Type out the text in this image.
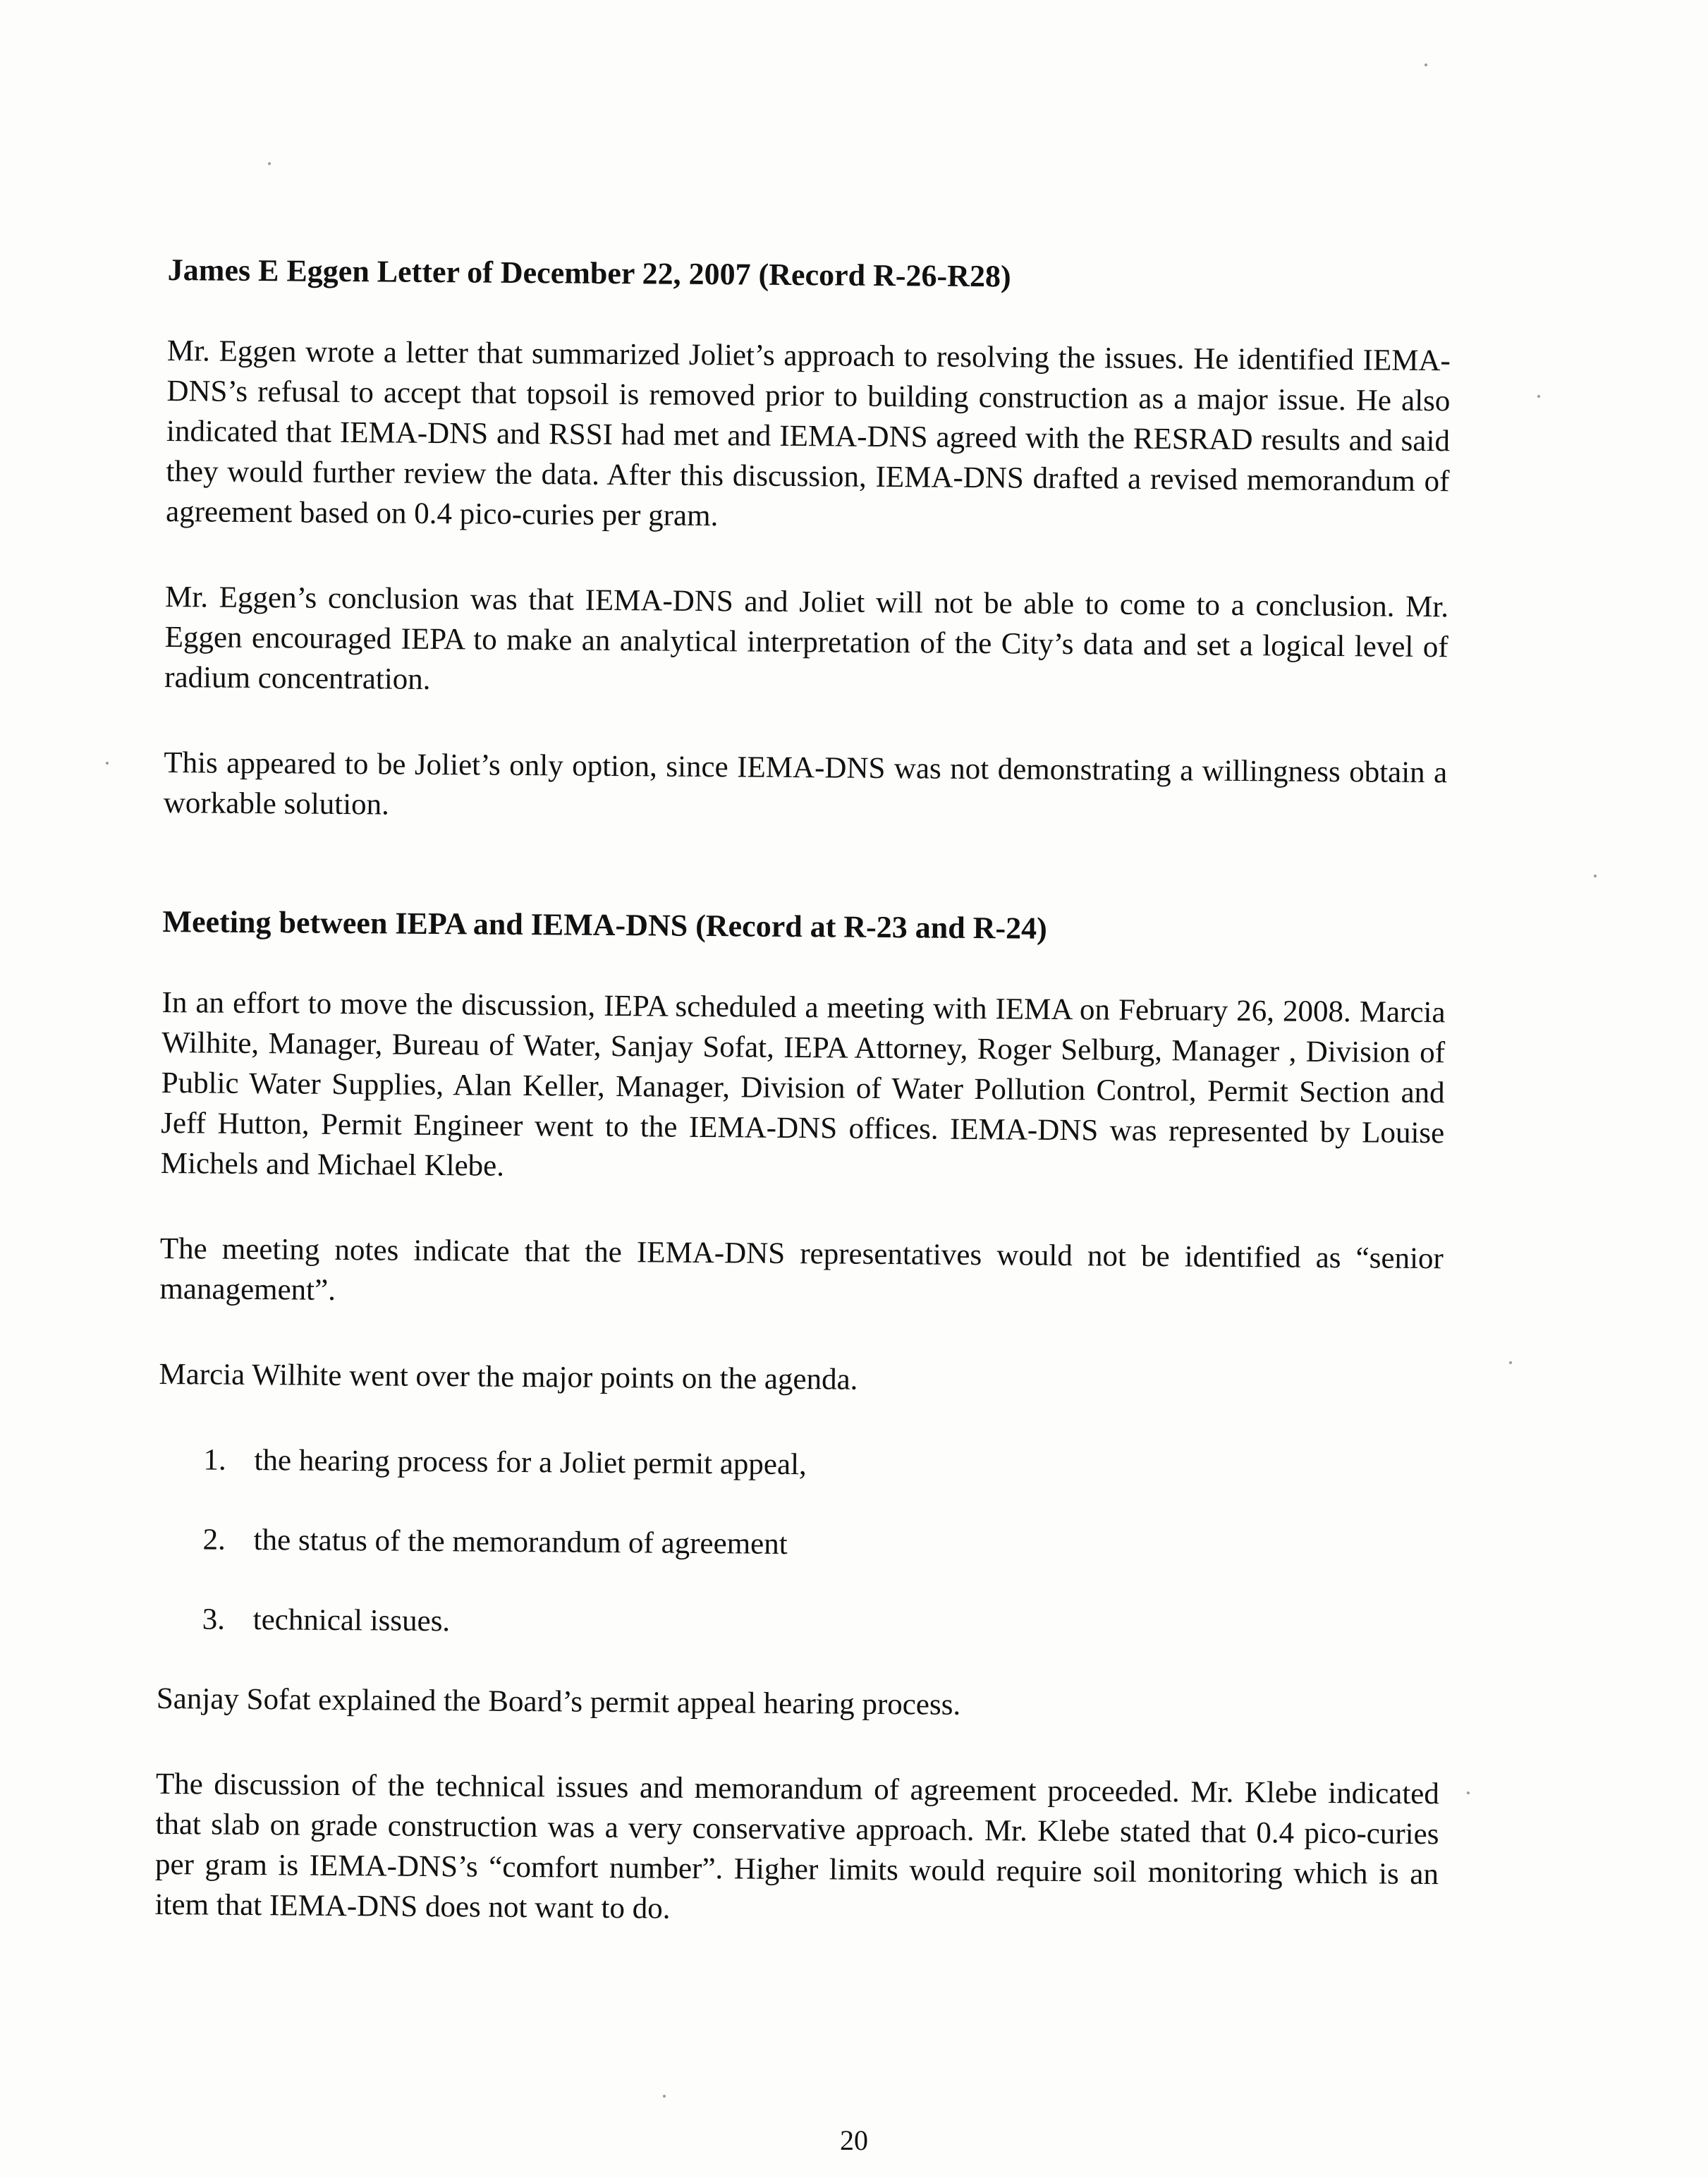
James E Eggen Letter of December 22, 2007 (Record R-26-R28)

Mr. Eggen wrote a letter that summarized Joliet’s approach to resolving the issues. He identified IEMA-DNS’s refusal to accept that topsoil is removed prior to building construction as a major issue. He also indicated that IEMA-DNS and RSSI had met and IEMA-DNS agreed with the RESRAD results and said they would further review the data. After this discussion, IEMA-DNS drafted a revised memorandum of agreement based on 0.4 pico-curies per gram.

Mr. Eggen’s conclusion was that IEMA-DNS and Joliet will not be able to come to a conclusion. Mr. Eggen encouraged IEPA to make an analytical interpretation of the City’s data and set a logical level of radium concentration.

This appeared to be Joliet’s only option, since IEMA-DNS was not demonstrating a willingness obtain a workable solution.

Meeting between IEPA and IEMA-DNS (Record at R-23 and R-24)

In an effort to move the discussion, IEPA scheduled a meeting with IEMA on February 26, 2008. Marcia Wilhite, Manager, Bureau of Water, Sanjay Sofat, IEPA Attorney, Roger Selburg, Manager , Division of Public Water Supplies, Alan Keller, Manager, Division of Water Pollution Control, Permit Section and Jeff Hutton, Permit Engineer went to the IEMA-DNS offices. IEMA-DNS was represented by Louise Michels and Michael Klebe.

The meeting notes indicate that the IEMA-DNS representatives would not be identified as “senior management”.

Marcia Wilhite went over the major points on the agenda.

1. the hearing process for a Joliet permit appeal,
2. the status of the memorandum of agreement
3. technical issues.

Sanjay Sofat explained the Board’s permit appeal hearing process.

The discussion of the technical issues and memorandum of agreement proceeded. Mr. Klebe indicated that slab on grade construction was a very conservative approach. Mr. Klebe stated that 0.4 pico-curies per gram is IEMA-DNS’s “comfort number”. Higher limits would require soil monitoring which is an item that IEMA-DNS does not want to do.

20
